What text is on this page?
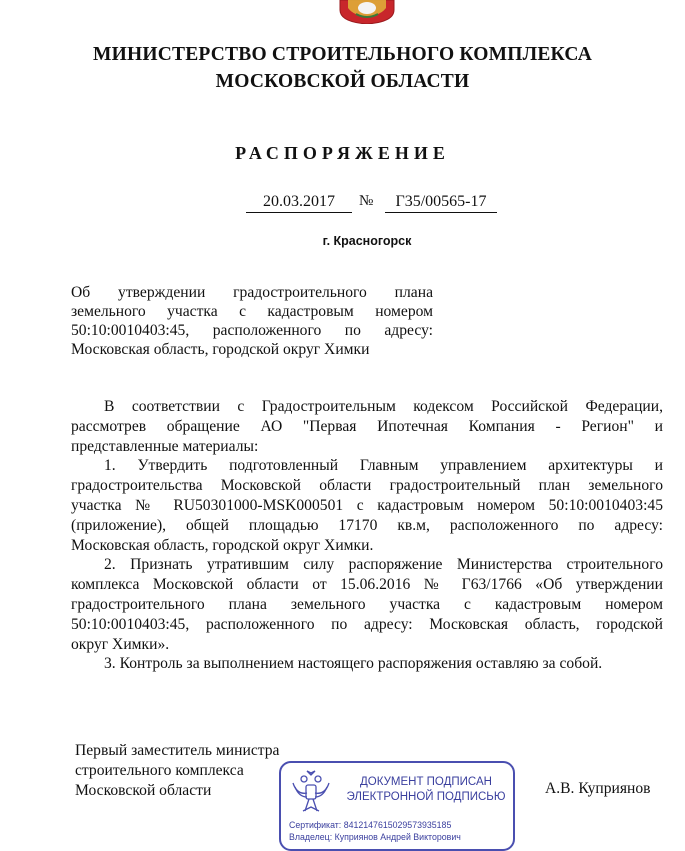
МИНИСТЕРСТВО СТРОИТЕЛЬНОГО КОМПЛЕКСА
МОСКОВСКОЙ ОБЛАСТИ
РАСПОРЯЖЕНИЕ
20.03.2017	№	Г35/00565-17
г. Красногорск
Об утверждении градостроительного плана
земельного участка с кадастровым номером
50:10:0010403:45, расположенного по адресу:
Московская область, городской округ Химки
В соответствии с Градостроительным кодексом Российской Федерации,
рассмотрев обращение АО "Первая Ипотечная Компания - Регион" и
представленные материалы:
1. Утвердить подготовленный Главным управлением архитектуры и
градостроительства Московской области градостроительный план земельного
участка № RU50301000-MSK000501 с кадастровым номером 50:10:0010403:45
(приложение), общей площадью 17170 кв.м, расположенного по адресу:
Московская область, городской округ Химки.
2. Признать утратившим силу распоряжение Министерства строительного
комплекса Московской области от 15.06.2016 № Г63/1766 «Об утверждении
градостроительного плана земельного участка с кадастровым номером
50:10:0010403:45, расположенного по адресу: Московская область, городской
округ Химки».
3. Контроль за выполнением настоящего распоряжения оставляю за собой.
Первый заместитель министра
строительного комплекса
Московской области	ДОКУМЕНТ ПОДПИСАН
ЭЛЕКТРОННОЙ ПОДПИСЬЮ
Сертификат: 8412147615029573935185
Владелец: Куприянов Андрей Викторович
А.В. Куприянов
